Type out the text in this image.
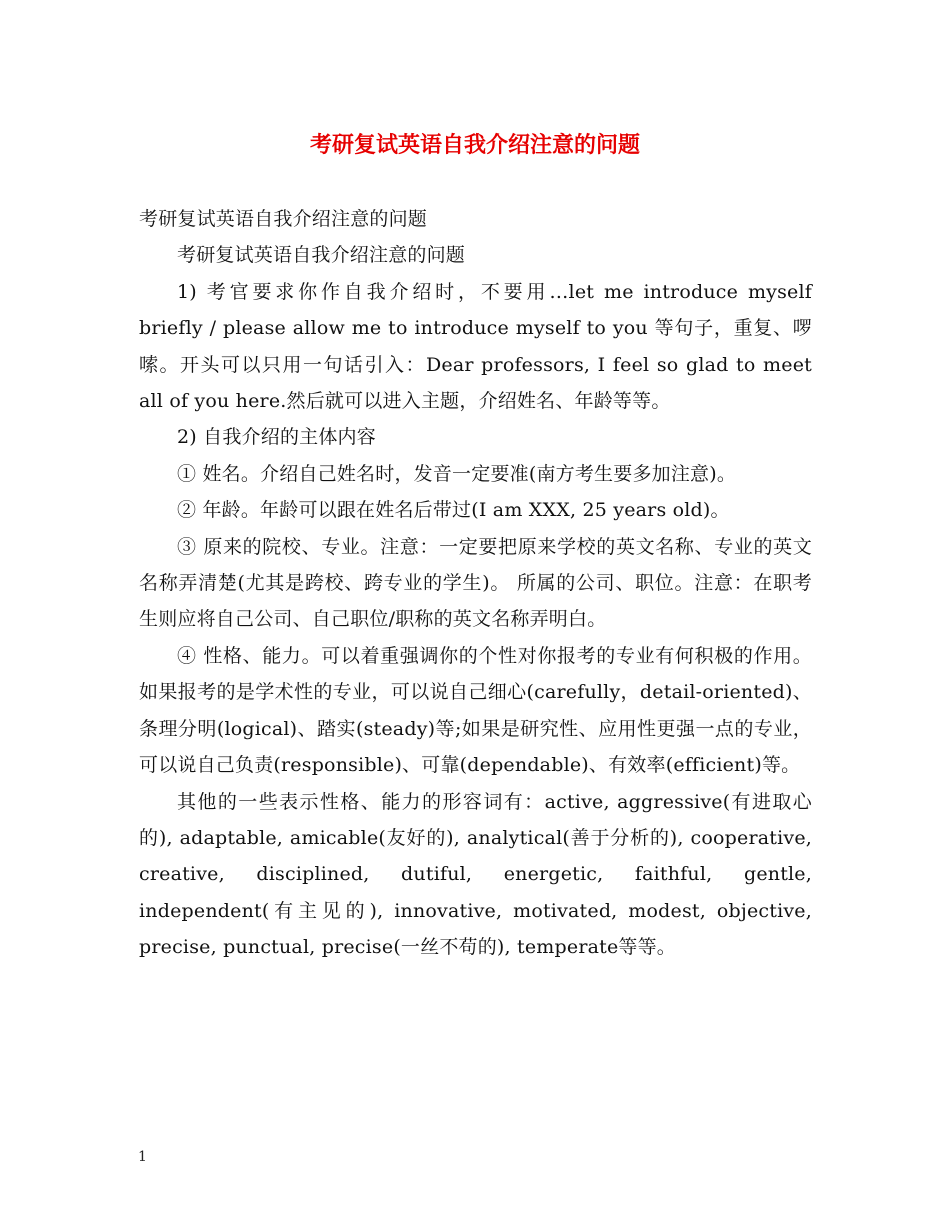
考研复试英语自我介绍注意的问题

考研复试英语自我介绍注意的问题

考研复试英语自我介绍注意的问题

1) 考官要求你作自我介绍时，不要用…let me introduce myself briefly / please allow me to introduce myself to you 等句子，重复、啰嗦。开头可以只用一句话引入：Dear professors, I feel so glad to meet all of you here.然后就可以进入主题，介绍姓名、年龄等等。

2) 自我介绍的主体内容

① 姓名。介绍自己姓名时，发音一定要准(南方考生要多加注意)。

② 年龄。年龄可以跟在姓名后带过(I am XXX, 25 years old)。

③ 原来的院校、专业。注意：一定要把原来学校的英文名称、专业的英文名称弄清楚(尤其是跨校、跨专业的学生)。 所属的公司、职位。注意：在职考生则应将自己公司、自己职位/职称的英文名称弄明白。

④ 性格、能力。可以着重强调你的个性对你报考的专业有何积极的作用。如果报考的是学术性的专业，可以说自己细心(carefully，detail-oriented)、条理分明(logical)、踏实(steady)等;如果是研究性、应用性更强一点的专业，可以说自己负责(responsible)、可靠(dependable)、有效率(efficient)等。

其他的一些表示性格、能力的形容词有：active, aggressive(有进取心的), adaptable, amicable(友好的), analytical(善于分析的), cooperative, creative, disciplined, dutiful, energetic, faithful, gentle, independent(有主见的), innovative, motivated, modest, objective, precise, punctual, precise(一丝不苟的), temperate等等。

1
